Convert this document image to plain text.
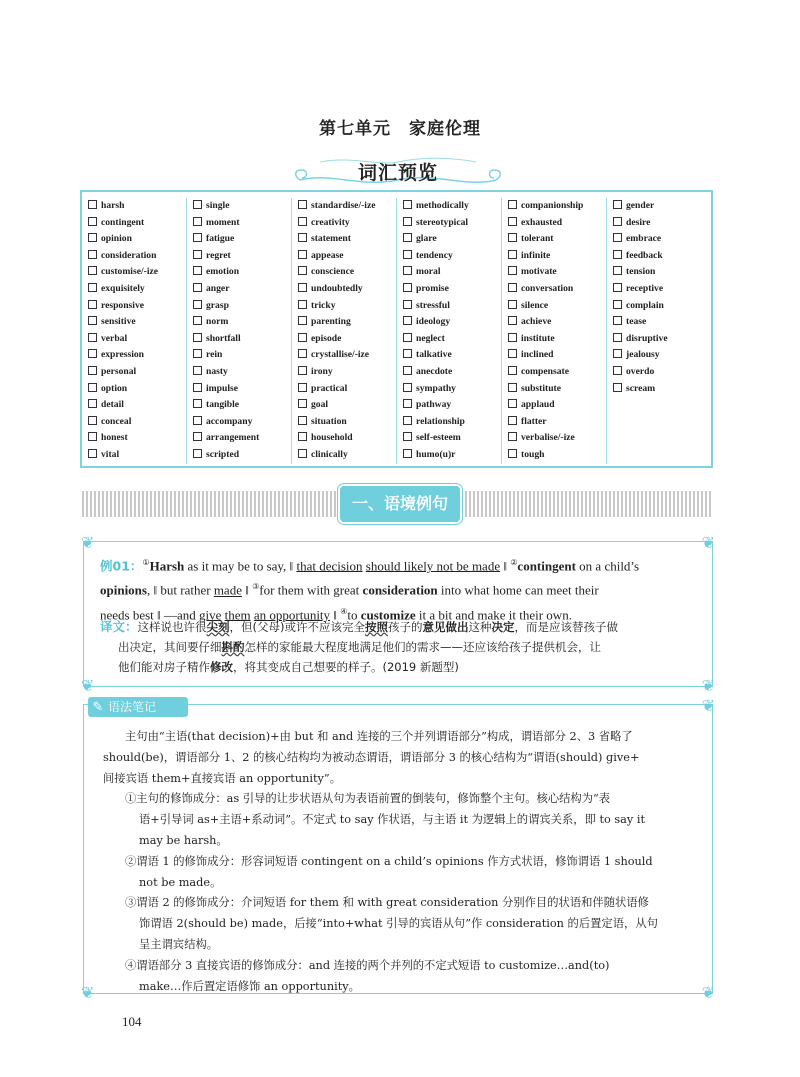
第七单元　家庭伦理
词汇预览
harsh
contingent
opinion
consideration
customise/-ize
exquisitely
responsive
sensitive
verbal
expression
personal
option
detail
conceal
honest
vital
single
moment
fatigue
regret
emotion
anger
grasp
norm
shortfall
rein
nasty
impulse
tangible
accompany
arrangement
scripted
standardise/-ize
creativity
statement
appease
conscience
undoubtedly
tricky
parenting
episode
crystallise/-ize
irony
practical
goal
situation
household
clinically
methodically
stereotypical
glare
tendency
moral
promise
stressful
ideology
neglect
talkative
anecdote
sympathy
pathway
relationship
self-esteem
humo(u)r
companionship
exhausted
tolerant
infinite
motivate
conversation
silence
achieve
institute
inclined
compensate
substitute
applaud
flatter
verbalise/-ize
tough
gender
desire
embrace
feedback
tension
receptive
complain
tease
disruptive
jealousy
overdo
scream
一、语境例句
❦	❦
❦	❦
例01：①Harsh as it may be to say, ‖ that decision should likely not be made ‖ ②contingent on a child’s
opinions, ‖ but rather made ‖ ③for them with great consideration into what home can meet their
needs best ‖ —and give them an opportunity ‖ ④to customize it a bit and make it their own.
译文：这样说也许很尖刻，但(父母)或许不应该完全按照孩子的意见做出这种决定，而是应该替孩子做
出决定，其间要仔细斟酌怎样的家能最大程度地满足他们的需求——还应该给孩子提供机会，让
他们能对房子精作修改，将其变成自己想要的样子。(2019 新题型)
❦
❦	❦
✎ 语法笔记
主句由“主语(that decision)+由 but 和 and 连接的三个并列谓语部分”构成，谓语部分 2、3 省略了
should(be)，谓语部分 1、2 的核心结构均为被动态谓语，谓语部分 3 的核心结构为“谓语(should) give+
间接宾语 them+直接宾语 an opportunity”。
①主句的修饰成分：as 引导的让步状语从句为表语前置的倒装句，修饰整个主句。核心结构为“表
语+引导词 as+主语+系动词”。不定式 to say 作状语，与主语 it 为逻辑上的谓宾关系，即 to say it
may be harsh。
②谓语 1 的修饰成分：形容词短语 contingent on a child’s opinions 作方式状语，修饰谓语 1 should
not be made。
③谓语 2 的修饰成分：介词短语 for them 和 with great consideration 分别作目的状语和伴随状语修
饰谓语 2(should be) made，后接“into+what 引导的宾语从句”作 consideration 的后置定语，从句
呈主谓宾结构。
④谓语部分 3 直接宾语的修饰成分：and 连接的两个并列的不定式短语 to customize…and(to)
make…作后置定语修饰 an opportunity。
104
